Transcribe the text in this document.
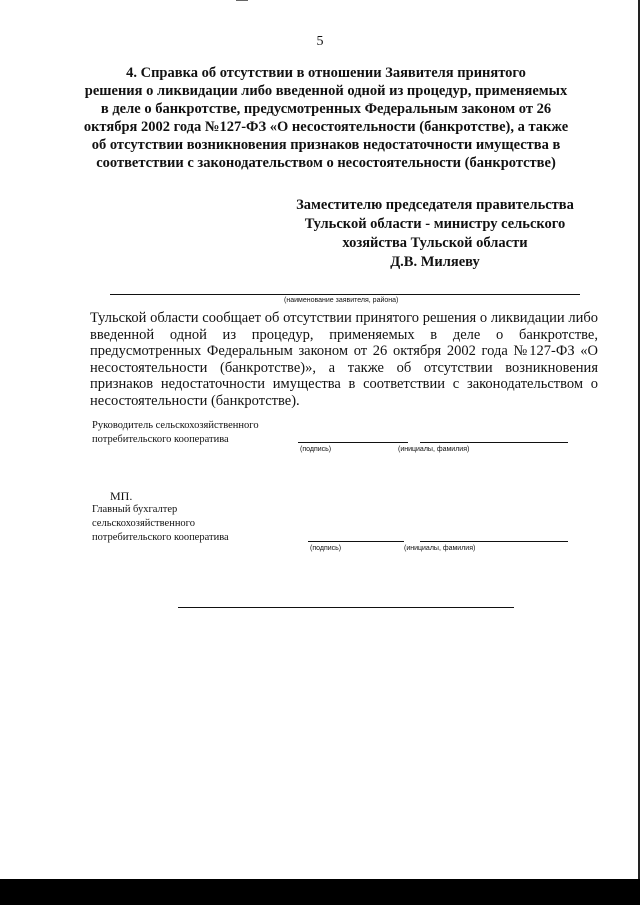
5
4. Справка об отсутствии в отношении Заявителя принятого
решения о ликвидации либо введенной одной из процедур, применяемых
в деле о банкротстве, предусмотренных Федеральным законом от 26
октября 2002 года №127-ФЗ «О несостоятельности (банкротстве), а также
об отсутствии возникновения признаков недостаточности имущества в
соответствии с законодательством о несостоятельности (банкротстве)
Заместителю председателя правительства
Тульской области - министру сельского
хозяйства Тульской области
Д.В. Миляеву
(наименование заявителя, района)
Тульской области сообщает об отсутствии принятого решения о ликвидации либо введенной одной из процедур, применяемых в деле о банкротстве, предусмотренных Федеральным законом от 26 октября 2002 года №127-ФЗ «О несостоятельности (банкротстве)», а также об отсутствии возникновения признаков недостаточности имущества в соответствии с законодательством о несостоятельности (банкротстве).
Руководитель сельскохозяйственного
потребительского кооператива
(подпись)	(инициалы, фамилия)
МП.
Главный бухгалтер
сельскохозяйственного
потребительского кооператива
(подпись)	(инициалы, фамилия)
